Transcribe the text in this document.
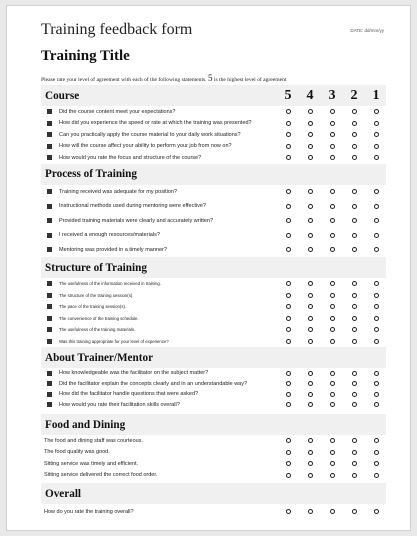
Training feedback form	DATE: dd/mm/yy
Training Title
Please rate your level of agreement with each of the following statements. 5 is the highest level of agreement
Course	5	4	3	2	1
Did the course content meet your expectations?
How did you experience the speed or rate at which the training was presented?
Can you practically apply the course material to your daily work situations?
How will the course affect your ability to perform your job from now on?
How would you rate the focus and structure of the course?
Process of Training
Training received was adequate for my position?
Instructional methods used during mentoring were effective?
Provided training materials were clearly and accurately written?
I received a enough resources/materials?
Mentoring was provided in a timely manner?
Structure of Training
The usefulness of the information received in training.
The structure of the training session(s).
The pace of the training session(s).
The convenience of the training schedule.
The usefulness of the training materials.
Was this training appropriate for your level of experience?
About Trainer/Mentor
How knowledgeable was the facilitator on the subject matter?
Did the facilitator explain the concepts clearly and in an understandable way?
How did the facilitator handle questions that were asked?
How would you rate their facilitation skills overall?
Food and Dining
The food and dining staff was courteous.
The food quality was good.
Sitting service was timely and efficient.
Sitting service delivered the correct food order.
Overall
How do you rate the training overall?
